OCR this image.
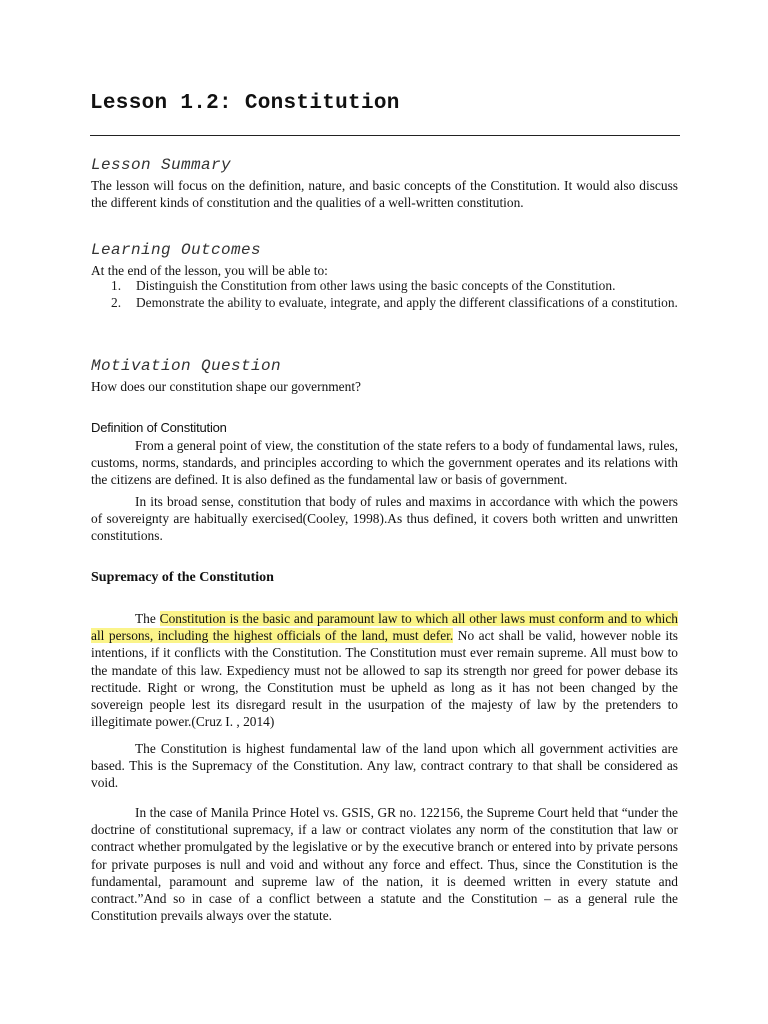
Lesson 1.2: Constitution
Lesson Summary

The lesson will focus on the definition, nature, and basic concepts of the Constitution. It would also discuss the different kinds of constitution and the qualities of a well-written constitution.

Learning Outcomes

At the end of the lesson, you will be able to:

1. Distinguish the Constitution from other laws using the basic concepts of the Constitution.
2. Demonstrate the ability to evaluate, integrate, and apply the different classifications of a constitution.
Motivation Question

How does our constitution shape our government?

Definition of Constitution

From a general point of view, the constitution of the state refers to a body of fundamental laws, rules, customs, norms, standards, and principles according to which the government operates and its relations with the citizens are defined. It is also defined as the fundamental law or basis of government.

In its broad sense, constitution that body of rules and maxims in accordance with which the powers of sovereignty are habitually exercised(Cooley, 1998).As thus defined, it covers both written and unwritten constitutions.

Supremacy of the Constitution

The Constitution is the basic and paramount law to which all other laws must conform and to which all persons, including the highest officials of the land, must defer. No act shall be valid, however noble its intentions, if it conflicts with the Constitution. The Constitution must ever remain supreme. All must bow to the mandate of this law. Expediency must not be allowed to sap its strength nor greed for power debase its rectitude. Right or wrong, the Constitution must be upheld as long as it has not been changed by the sovereign people lest its disregard result in the usurpation of the majesty of law by the pretenders to illegitimate power.(Cruz I. , 2014)

The Constitution is highest fundamental law of the land upon which all government activities are based. This is the Supremacy of the Constitution. Any law, contract contrary to that shall be considered as void.

In the case of Manila Prince Hotel vs. GSIS, GR no. 122156, the Supreme Court held that “under the doctrine of constitutional supremacy, if a law or contract violates any norm of the constitution that law or contract whether promulgated by the legislative or by the executive branch or entered into by private persons for private purposes is null and void and without any force and effect. Thus, since the Constitution is the fundamental, paramount and supreme law of the nation, it is deemed written in every statute and contract.”And so in case of a conflict between a statute and the Constitution – as a general rule the Constitution prevails always over the statute.
